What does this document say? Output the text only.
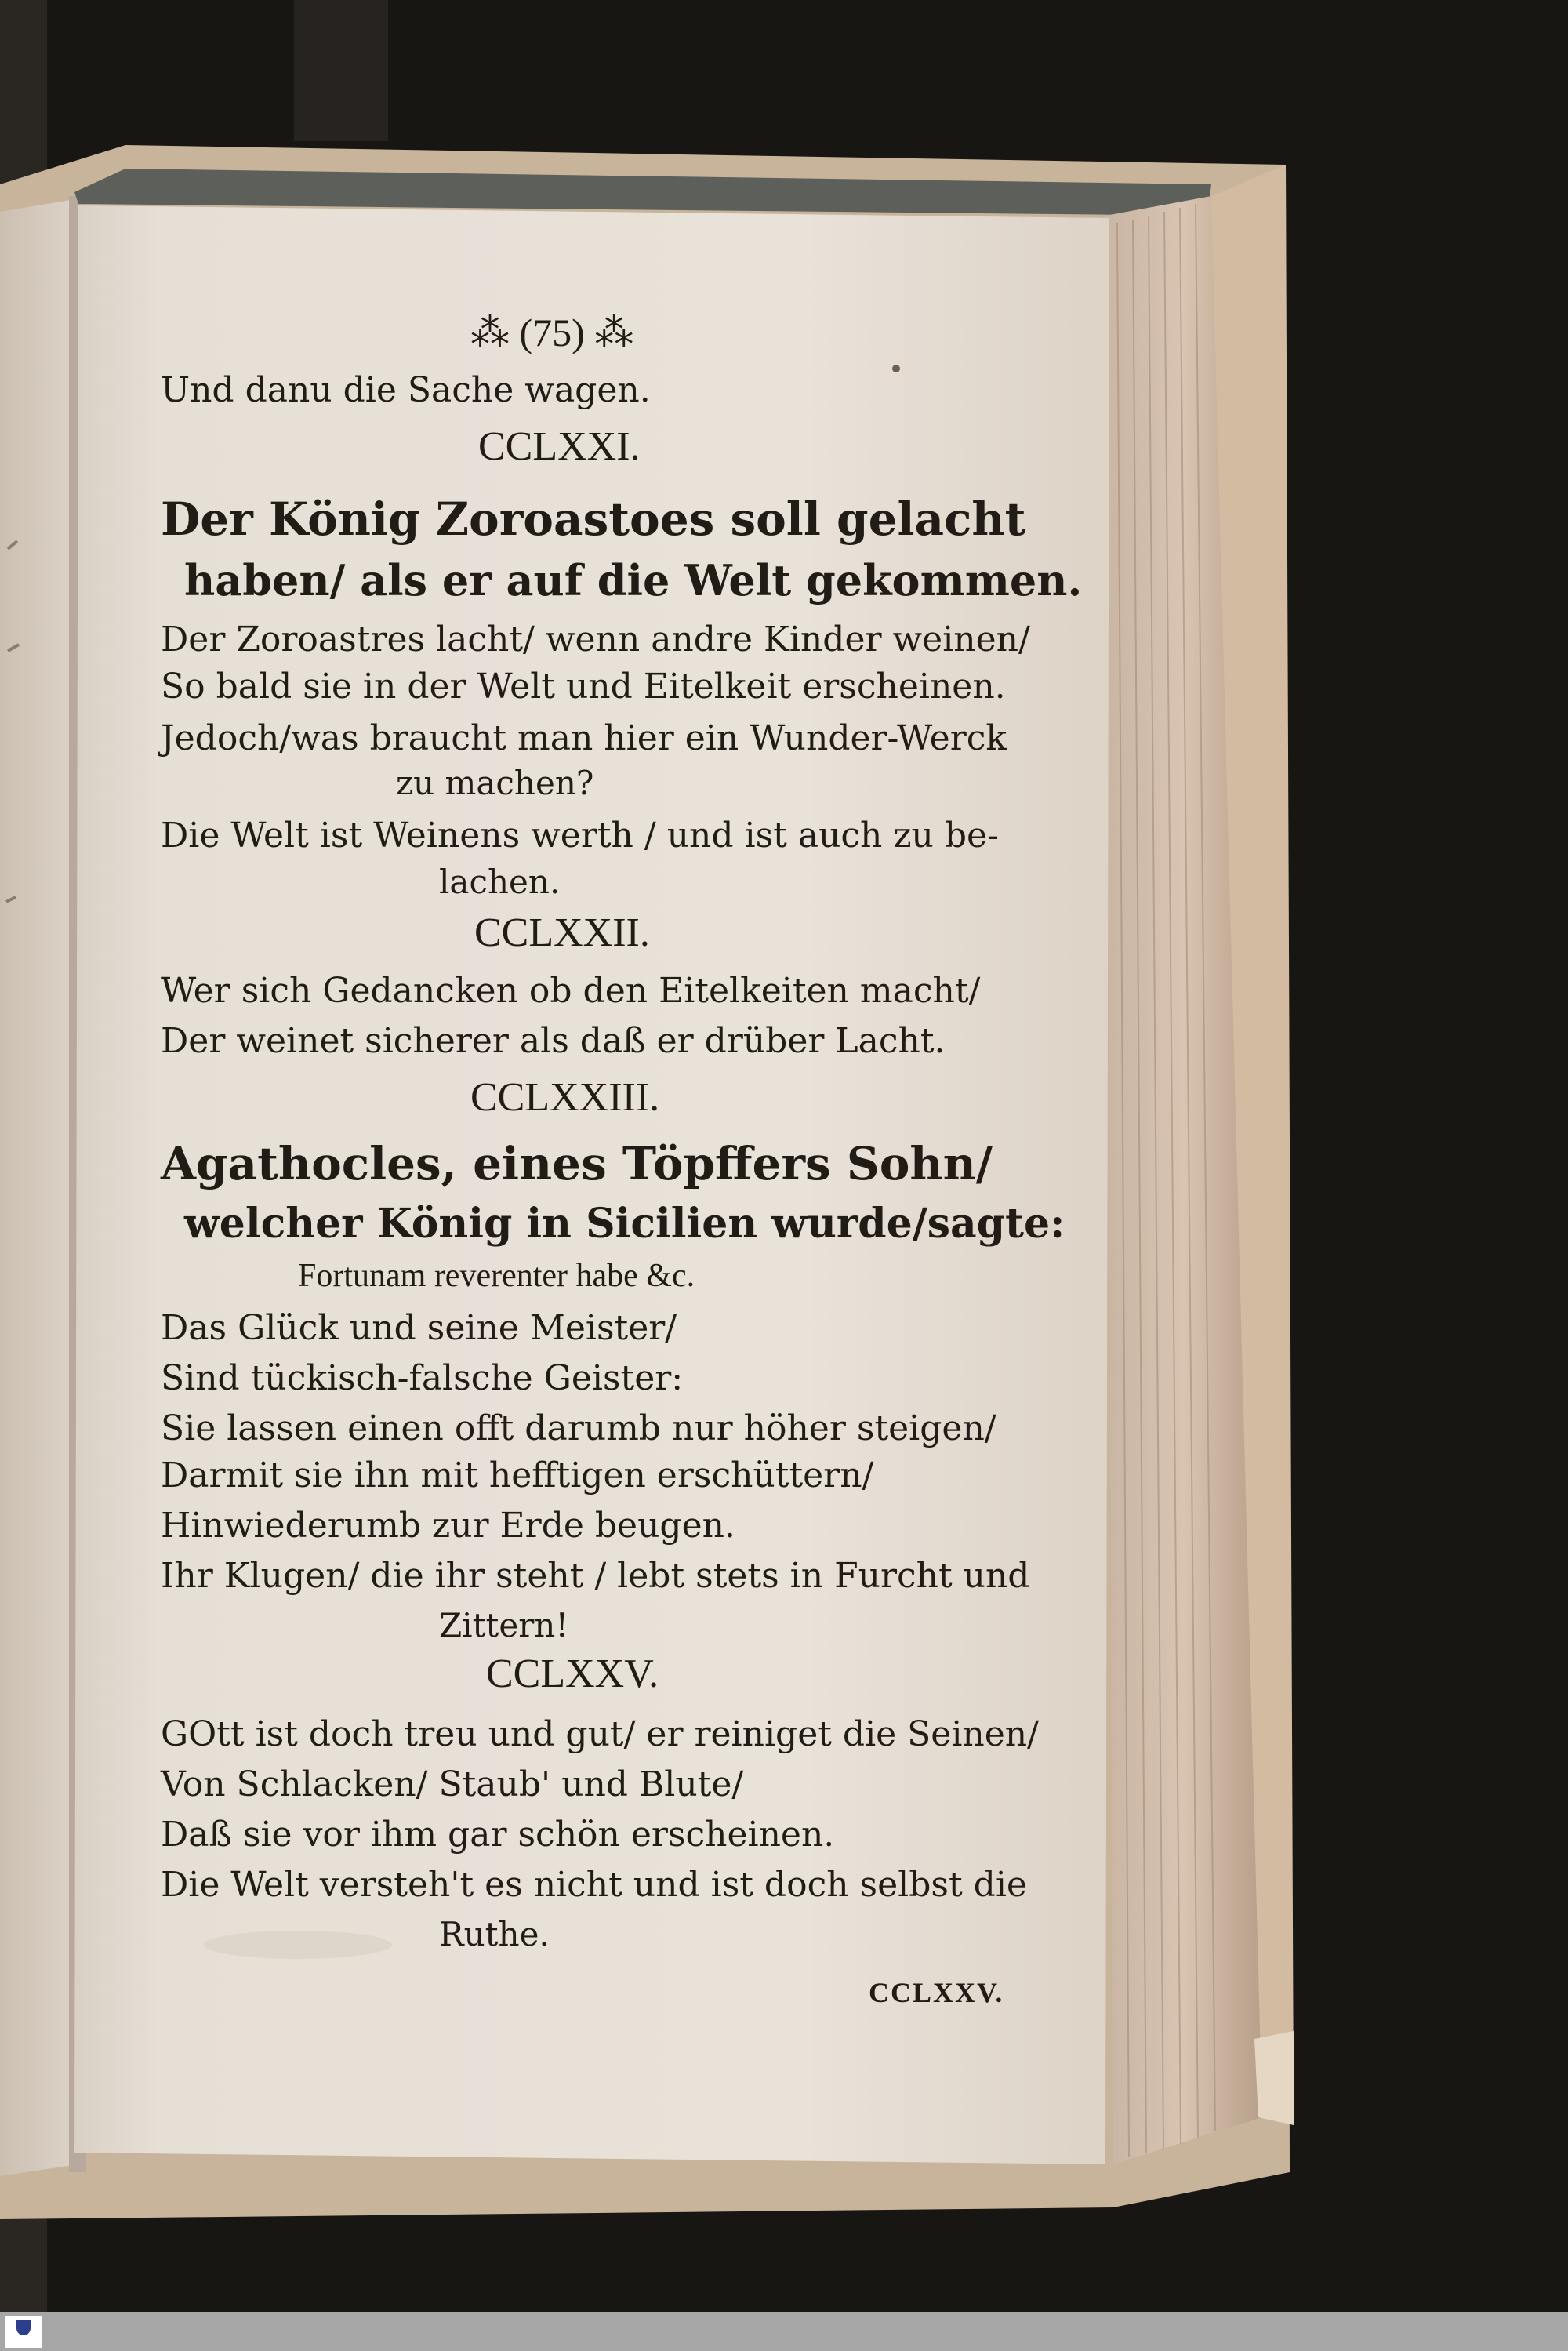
⁂ (75) ⁂
Und danu die Sache wagen.
CCLXXI.
Der König Zoroastoes soll gelacht
haben/ als er auf die Welt gekommen.
Der Zoroastres lacht/ wenn andre Kinder weinen/
So bald sie in der Welt und Eitelkeit erscheinen.
Jedoch/was braucht man hier ein Wunder-Werck
zu machen?
Die Welt ist Weinens werth / und ist auch zu be-
lachen.
CCLXXII.
Wer sich Gedancken ob den Eitelkeiten macht/
Der weinet sicherer als daß er drüber Lacht.
CCLXXIII.
Agathocles, eines Töpffers Sohn/
welcher König in Sicilien wurde/sagte:
Fortunam reverenter habe &c.
Das Glück und seine Meister/
Sind tückisch-falsche Geister:
Sie lassen einen offt darumb nur höher steigen/
Darmit sie ihn mit hefftigen erschüttern/
Hinwiederumb zur Erde beugen.
Ihr Klugen/ die ihr steht / lebt stets in Furcht und
Zittern!
CCLXXV.
GOtt ist doch treu und gut/ er reiniget die Seinen/
Von Schlacken/ Staub' und Blute/
Daß sie vor ihm gar schön erscheinen.
Die Welt versteh't es nicht und ist doch selbst die
Ruthe.
CCLXXV.
